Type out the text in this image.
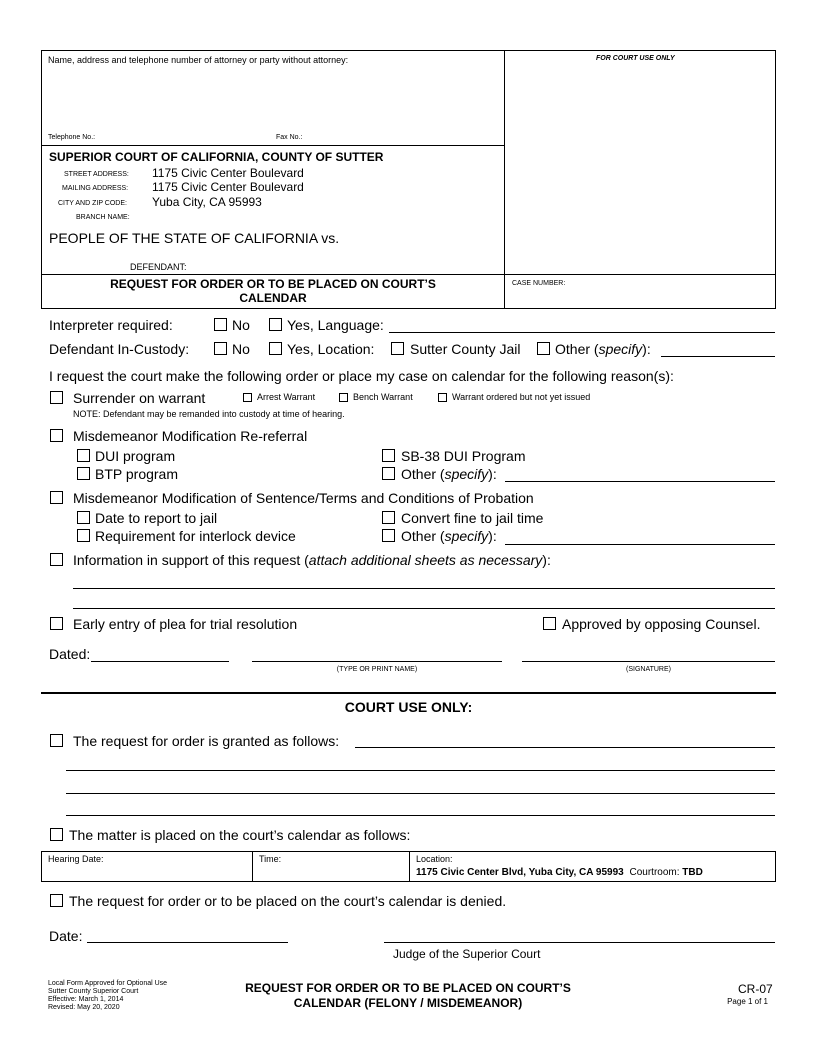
Name, address and telephone number of attorney or party without attorney:	FOR COURT USE ONLY
Telephone No.:	Fax No.:
SUPERIOR COURT OF CALIFORNIA, COUNTY OF SUTTER
STREET ADDRESS: 1175 Civic Center Boulevard
MAILING ADDRESS: 1175 Civic Center Boulevard
CITY AND ZIP CODE: Yuba City, CA 95993
BRANCH NAME:
PEOPLE OF THE STATE OF CALIFORNIA vs.
DEFENDANT:
REQUEST FOR ORDER OR TO BE PLACED ON COURT’S
CALENDAR
CASE NUMBER:
Interpreter required:	No	Yes, Language:
Defendant In-Custody:	No	Yes, Location:	Sutter County Jail Other (specify):
I request the court make the following order or place my case on calendar for the following reason(s):
Surrender on warrant	Arrest Warrant	Bench Warrant	Warrant ordered but not yet issued
NOTE: Defendant may be remanded into custody at time of hearing.
Misdemeanor Modification Re-referral
DUI program	SB-38 DUI Program
BTP program	Other (specify):
Misdemeanor Modification of Sentence/Terms and Conditions of Probation
Date to report to jail	Convert fine to jail time
Requirement for interlock device	Other (specify):
Information in support of this request (attach additional sheets as necessary):
Early entry of plea for trial resolution	Approved by opposing Counsel.
Dated:
(TYPE OR PRINT NAME)	(SIGNATURE)
COURT USE ONLY:
The request for order is granted as follows:
The matter is placed on the court’s calendar as follows:
Hearing Date:	Time:	Location:
1175 Civic Center Blvd, Yuba City, CA 95993 Courtroom: TBD
The request for order or to be placed on the court’s calendar is denied.
Date:
Judge of the Superior Court
Local Form Approved for Optional Use
Sutter County Superior Court
Effective: March 1, 2014
Revised: May 20, 2020
REQUEST FOR ORDER OR TO BE PLACED ON COURT’S
CALENDAR (FELONY / MISDEMEANOR)
CR-07
Page 1 of 1
